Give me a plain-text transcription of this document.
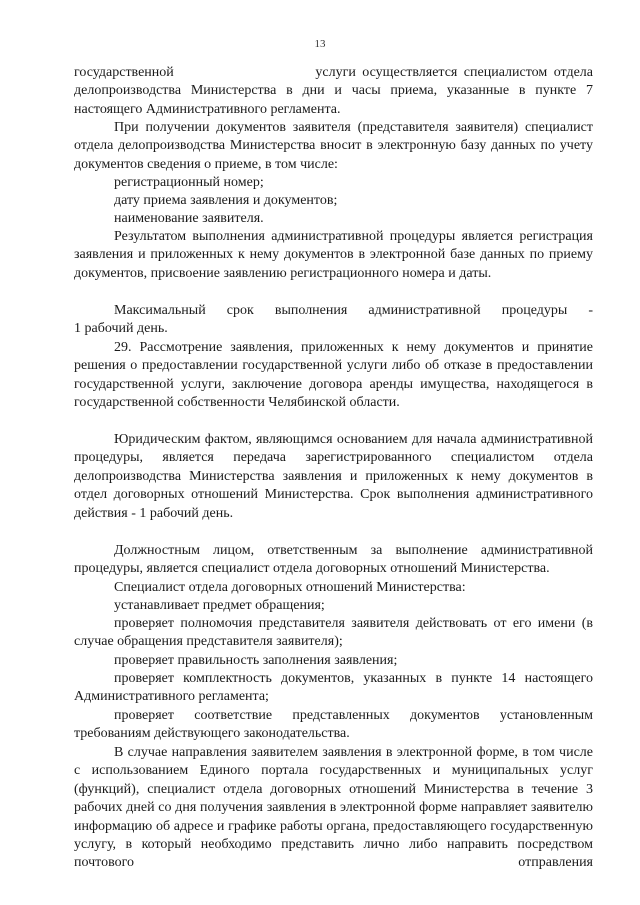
13

государственной                      услуги осуществляется специалистом отдела
делопроизводства Министерства в дни и часы приема, указанные в пункте 7 настоящего Административного регламента.

При получении документов заявителя (представителя заявителя) специалист отдела делопроизводства Министерства вносит в электронную базу данных по учету документов сведения о приеме, в том числе:

регистрационный номер;

дату приема заявления и документов;

наименование заявителя.

Результатом выполнения административной процедуры является регистрация заявления и приложенных к нему документов в электронной базе данных по приему документов, присвоение заявлению регистрационного номера и даты.

Максимальный срок выполнения административной процедуры -
1 рабочий день.

29. Рассмотрение заявления, приложенных к нему документов и принятие решения о предоставлении государственной услуги либо об отказе в предоставлении государственной услуги, заключение договора аренды имущества, находящегося в государственной собственности Челябинской области.

Юридическим фактом, являющимся основанием для начала административной процедуры, является передача зарегистрированного специалистом отдела делопроизводства Министерства заявления и приложенных к нему документов в отдел договорных отношений Министерства. Срок выполнения административного действия - 1 рабочий день.

Должностным лицом, ответственным за выполнение административной процедуры, является специалист отдела договорных отношений Министерства.

Специалист отдела договорных отношений Министерства:

устанавливает предмет обращения;

проверяет полномочия представителя заявителя действовать от его имени (в случае обращения представителя заявителя);

проверяет правильность заполнения заявления;

проверяет комплектность документов, указанных в пункте 14 настоящего Административного регламента;

проверяет соответствие представленных документов установленным требованиям действующего законодательства.

В случае направления заявителем заявления в электронной форме, в том числе с использованием Единого портала государственных и муниципальных услуг (функций), специалист отдела договорных отношений Министерства в течение 3 рабочих дней со дня получения заявления в электронной форме направляет заявителю информацию об адресе и графике работы органа, предоставляющего государственную услугу, в который необходимо представить лично либо направить посредством почтового отправления
